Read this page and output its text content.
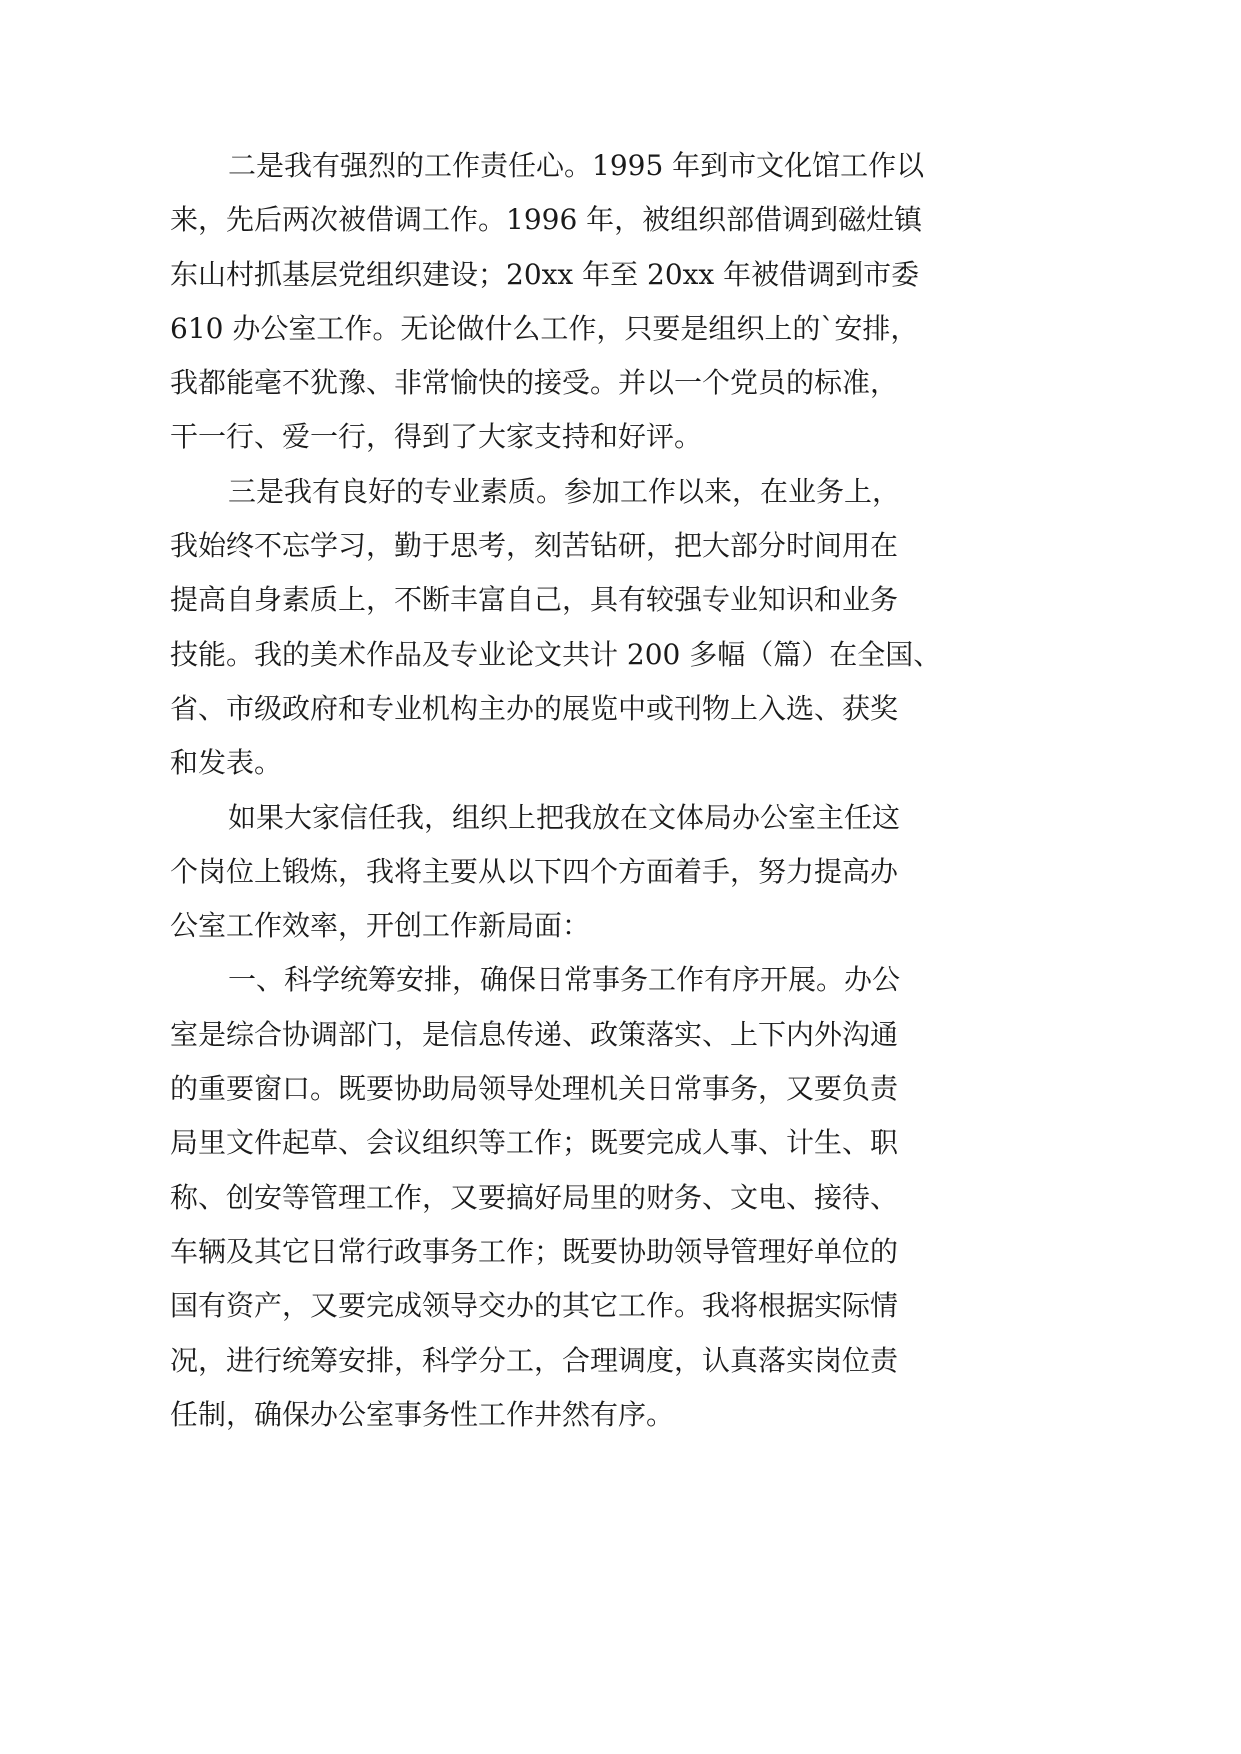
二是我有强烈的工作责任心。1995 年到市文化馆工作以
来，先后两次被借调工作。1996 年，被组织部借调到磁灶镇
东山村抓基层党组织建设；20xx 年至 20xx 年被借调到市委
610 办公室工作。无论做什么工作，只要是组织上的`安排，
我都能毫不犹豫、非常愉快的接受。并以一个党员的标准，
干一行、爱一行，得到了大家支持和好评。
三是我有良好的专业素质。参加工作以来，在业务上，
我始终不忘学习，勤于思考，刻苦钻研，把大部分时间用在
提高自身素质上，不断丰富自己，具有较强专业知识和业务
技能。我的美术作品及专业论文共计 200 多幅（篇）在全国、
省、市级政府和专业机构主办的展览中或刊物上入选、获奖
和发表。
如果大家信任我，组织上把我放在文体局办公室主任这
个岗位上锻炼，我将主要从以下四个方面着手，努力提高办
公室工作效率，开创工作新局面：
一、科学统筹安排，确保日常事务工作有序开展。办公
室是综合协调部门，是信息传递、政策落实、上下内外沟通
的重要窗口。既要协助局领导处理机关日常事务，又要负责
局里文件起草、会议组织等工作；既要完成人事、计生、职
称、创安等管理工作，又要搞好局里的财务、文电、接待、
车辆及其它日常行政事务工作；既要协助领导管理好单位的
国有资产，又要完成领导交办的其它工作。我将根据实际情
况，进行统筹安排，科学分工，合理调度，认真落实岗位责
任制，确保办公室事务性工作井然有序。
